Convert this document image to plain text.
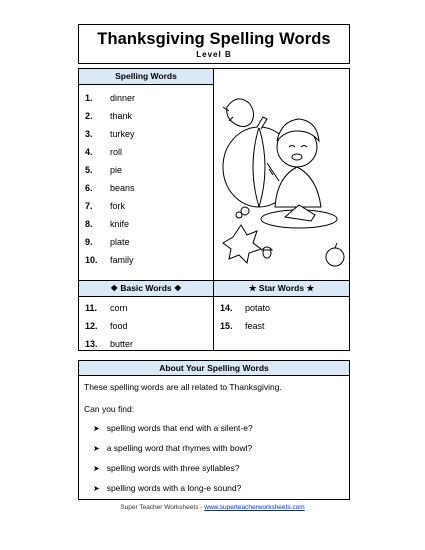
Thanksgiving Spelling Words
Level B
Spelling Words
1. dinner
2. thank
3. turkey
4. roll
5. pie
6. beans
7. fork
8. knife
9. plate
10. family
❖ Basic Words ❖	★ Star Words ★
11. corn
12. food
13. butter
14. potato
15. feast
About Your Spelling Words
These spelling words are all related to Thanksgiving.
Can you find:
➤ spelling words that end with a silent-e?
➤ a spelling word that rhymes with bowl?
➤ spelling words with three syllables?
➤ spelling words with a long-e sound?
Super Teacher Worksheets - www.superteacherworksheets.com
